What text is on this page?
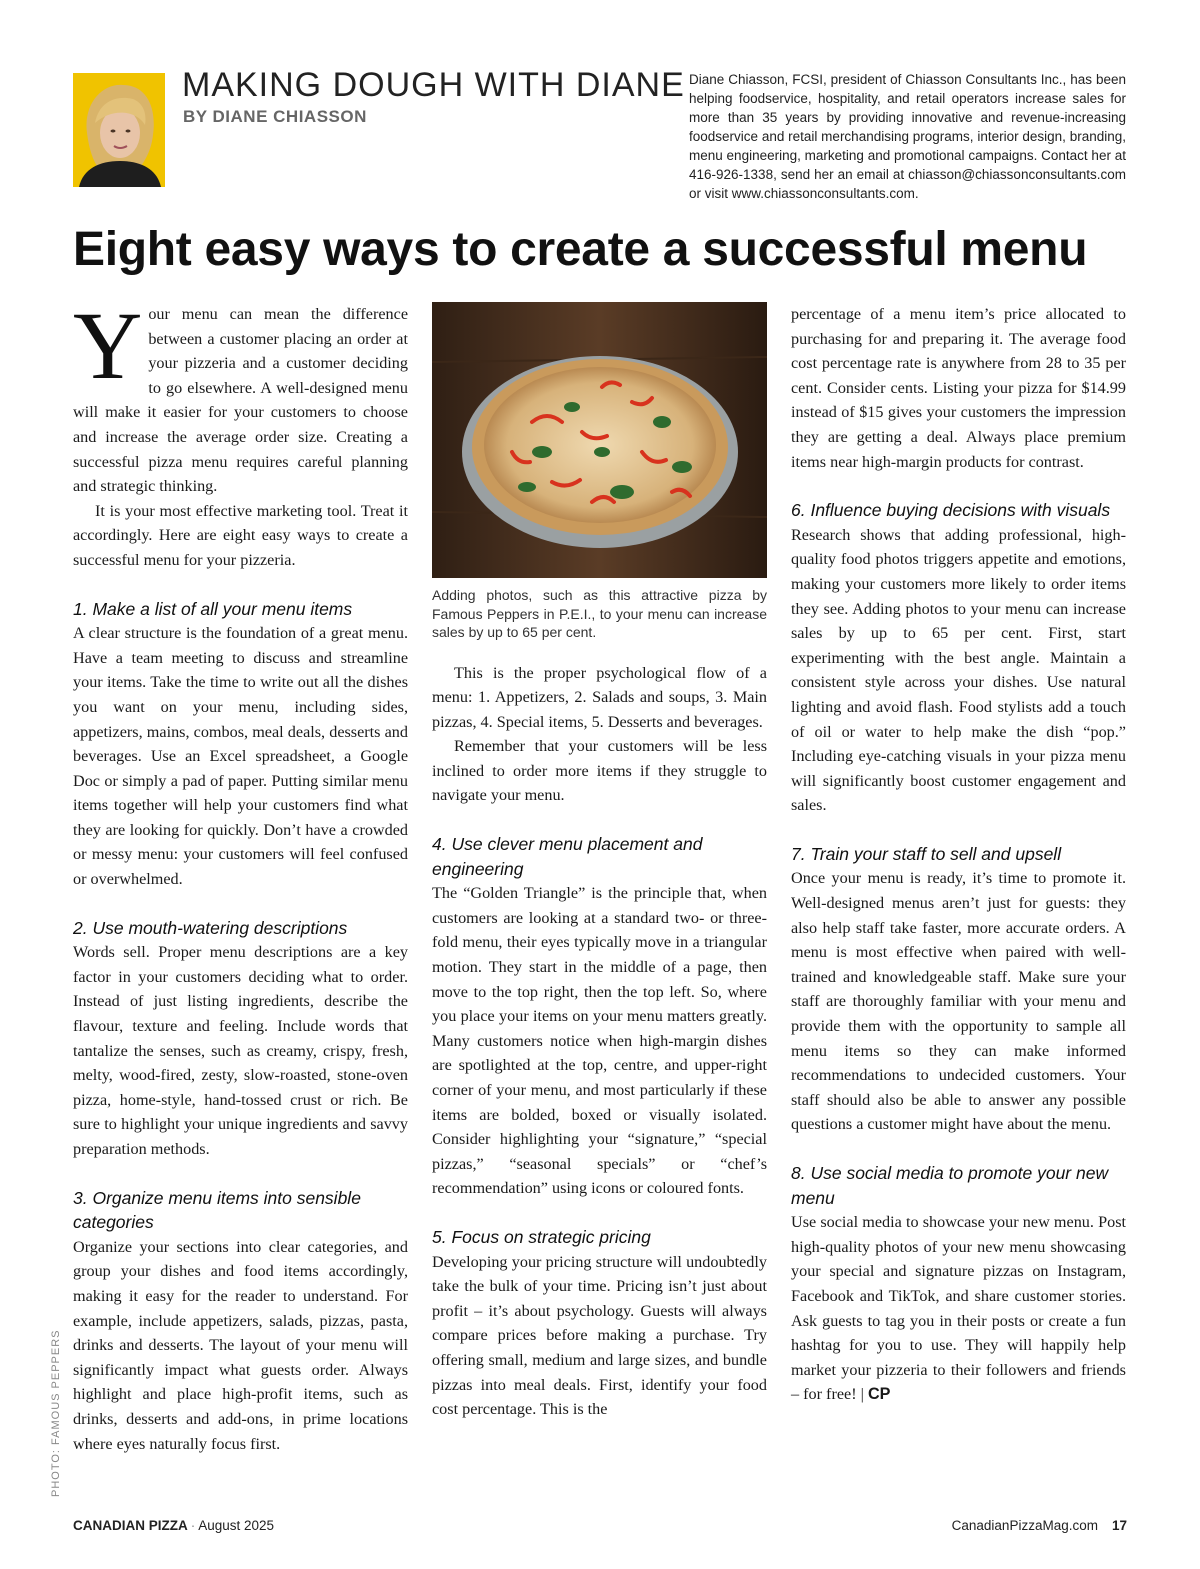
MAKING DOUGH WITH DIANE
BY DIANE CHIASSON

Diane Chiasson, FCSI, president of Chiasson Consultants Inc., has been helping foodservice, hospitality, and retail operators increase sales for more than 35 years by providing innovative and revenue-increasing foodservice and retail merchandising programs, interior design, branding, menu engineering, marketing and promotional campaigns. Contact her at 416-926-1338, send her an email at chiasson@chiassonconsultants.com or visit www.chiassonconsultants.com.

Eight easy ways to create a successful menu

Your menu can mean the difference between a customer placing an order at your pizzeria and a customer deciding to go elsewhere. A well-designed menu will make it easier for your customers to choose and increase the average order size. Creating a successful pizza menu requires careful planning and strategic thinking.

It is your most effective marketing tool. Treat it accordingly. Here are eight easy ways to create a successful menu for your pizzeria.

1. Make a list of all your menu items

A clear structure is the foundation of a great menu. Have a team meeting to discuss and streamline your items. Take the time to write out all the dishes you want on your menu, including sides, appetizers, mains, combos, meal deals, desserts and beverages. Use an Excel spreadsheet, a Google Doc or simply a pad of paper. Putting similar menu items together will help your customers find what they are looking for quickly. Don’t have a crowded or messy menu: your customers will feel confused or overwhelmed.

2. Use mouth-watering descriptions

Words sell. Proper menu descriptions are a key factor in your customers deciding what to order. Instead of just listing ingredients, describe the flavour, texture and feeling. Include words that tantalize the senses, such as creamy, crispy, fresh, melty, wood-fired, zesty, slow-roasted, stone-oven pizza, home-style, hand-tossed crust or rich. Be sure to highlight your unique ingredients and savvy preparation methods.

3. Organize menu items into sensible categories

Organize your sections into clear categories, and group your dishes and food items accordingly, making it easy for the reader to understand. For example, include appetizers, salads, pizzas, pasta, drinks and desserts. The layout of your menu will significantly impact what guests order. Always highlight and place high-profit items, such as drinks, desserts and add-ons, in prime locations where eyes naturally focus first.

Adding photos, such as this attractive pizza by Famous Peppers in P.E.I., to your menu can increase sales by up to 65 per cent.

This is the proper psychological flow of a menu: 1. Appetizers, 2. Salads and soups, 3. Main pizzas, 4. Special items, 5. Desserts and beverages.

Remember that your customers will be less inclined to order more items if they struggle to navigate your menu.

4. Use clever menu placement and engineering

The “Golden Triangle” is the principle that, when customers are looking at a standard two- or three-fold menu, their eyes typically move in a triangular motion. They start in the middle of a page, then move to the top right, then the top left. So, where you place your items on your menu matters greatly. Many customers notice when high-margin dishes are spotlighted at the top, centre, and upper-right corner of your menu, and most particularly if these items are bolded, boxed or visually isolated. Consider highlighting your “signature,” “special pizzas,” “seasonal specials” or “chef’s recommendation” using icons or coloured fonts.

5. Focus on strategic pricing

Developing your pricing structure will undoubtedly take the bulk of your time. Pricing isn’t just about profit – it’s about psychology. Guests will always compare prices before making a purchase. Try offering small, medium and large sizes, and bundle pizzas into meal deals. First, identify your food cost percentage. This is the

percentage of a menu item’s price allocated to purchasing for and preparing it. The average food cost percentage rate is anywhere from 28 to 35 per cent. Consider cents. Listing your pizza for $14.99 instead of $15 gives your customers the impression they are getting a deal. Always place premium items near high-margin products for contrast.

6. Influence buying decisions with visuals

Research shows that adding professional, high-quality food photos triggers appetite and emotions, making your customers more likely to order items they see. Adding photos to your menu can increase sales by up to 65 per cent. First, start experimenting with the best angle. Maintain a consistent style across your dishes. Use natural lighting and avoid flash. Food stylists add a touch of oil or water to help make the dish “pop.” Including eye-catching visuals in your pizza menu will significantly boost customer engagement and sales.

7. Train your staff to sell and upsell

Once your menu is ready, it’s time to promote it. Well-designed menus aren’t just for guests: they also help staff take faster, more accurate orders. A menu is most effective when paired with well-trained and knowledgeable staff. Make sure your staff are thoroughly familiar with your menu and provide them with the opportunity to sample all menu items so they can make informed recommendations to undecided customers. Your staff should also be able to answer any possible questions a customer might have about the menu.

8. Use social media to promote your new menu

Use social media to showcase your new menu. Post high-quality photos of your new menu showcasing your special and signature pizzas on Instagram, Facebook and TikTok, and share customer stories. Ask guests to tag you in their posts or create a fun hashtag for you to use. They will happily help market your pizzeria to their followers and friends – for free! | CP

PHOTO: FAMOUS PEPPERS
CANADIAN PIZZA · August 2025	CanadianPizzaMag.com 17
